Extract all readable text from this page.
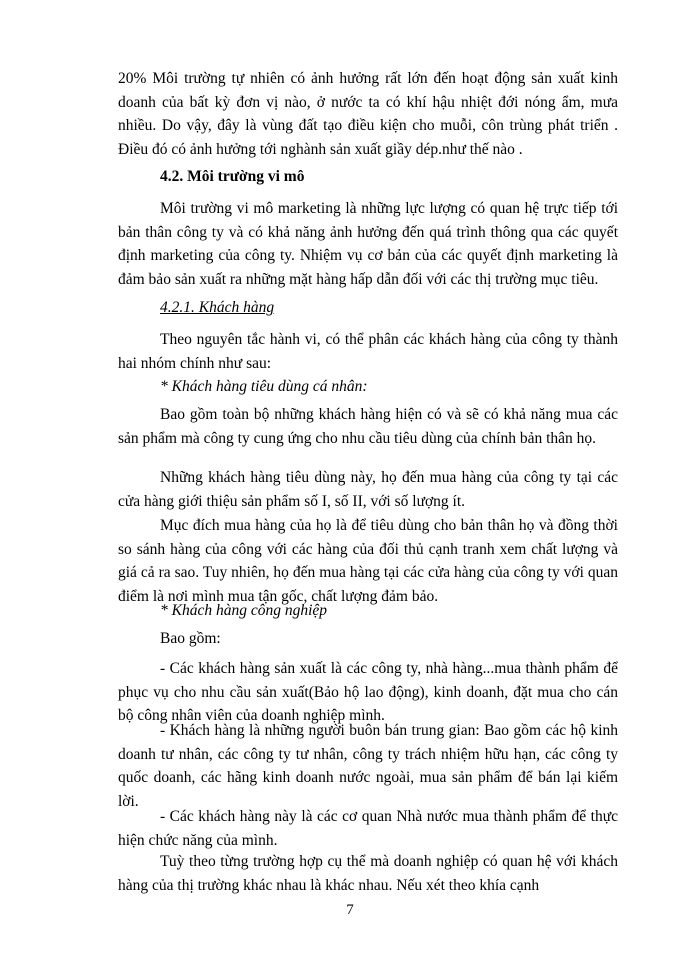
20% Môi trường tự nhiên có ảnh hưởng rất lớn đến hoạt động sản xuất kinh doanh của bất kỳ đơn vị nào, ở nước ta có khí hậu nhiệt đới nóng ẩm, mưa nhiều. Do vậy, đây là vùng đất tạo điều kiện cho muỗi, côn trùng phát triển . Điều đó có ảnh hưởng tới nghành sản xuất giầy dép.như thế nào .
4.2. Môi trường vi mô
Môi trường vi mô marketing là những lực lượng có quan hệ trực tiếp tới bản thân công ty và có khả năng ảnh hưởng đến quá trình thông qua các quyết định marketing của công ty. Nhiệm vụ cơ bản của các quyết định marketing là đảm bảo sản xuất ra những mặt hàng hấp dẫn đối với các thị trường mục tiêu.
4.2.1. Khách hàng
Theo nguyên tắc hành vi, có thể phân các khách hàng của công ty thành hai nhóm chính như sau:
* Khách hàng tiêu dùng cá nhân:
Bao gồm toàn bộ những khách hàng hiện có và sẽ có khả năng mua các sản phẩm mà công ty cung ứng cho nhu cầu tiêu dùng của chính bản thân họ.
Những khách hàng tiêu dùng này, họ đến mua hàng của công ty tại các cửa hàng giới thiệu sản phẩm số I, số II, với số lượng ít.
Mục đích mua hàng của họ là để tiêu dùng cho bản thân họ và đồng thời so sánh hàng của công với các hàng của đối thủ cạnh tranh xem chất lượng và giá cả ra sao. Tuy nhiên, họ đến mua hàng tại các cửa hàng của công ty với quan điểm là nơi mình mua tận gốc, chất lượng đảm bảo.
* Khách hàng công nghiệp
Bao gồm:
- Các khách hàng sản xuất là các công ty, nhà hàng...mua thành phẩm để phục vụ cho nhu cầu sản xuất(Bảo hộ lao động), kinh doanh, đặt mua cho cán bộ công nhân viên của doanh nghiệp mình.
- Khách hàng là những người buôn bán trung gian: Bao gồm các hộ kinh doanh tư nhân, các công ty tư nhân, công ty trách nhiệm hữu hạn, các công ty quốc doanh, các hãng kinh doanh nước ngoài, mua sản phẩm để bán lại kiếm lời.
- Các khách hàng này là các cơ quan Nhà nước mua thành phẩm để thực hiện chức năng của mình.
Tuỳ theo từng trường hợp cụ thể mà doanh nghiệp có quan hệ với khách hàng của thị trường khác nhau là khác nhau. Nếu xét theo khía cạnh
7
